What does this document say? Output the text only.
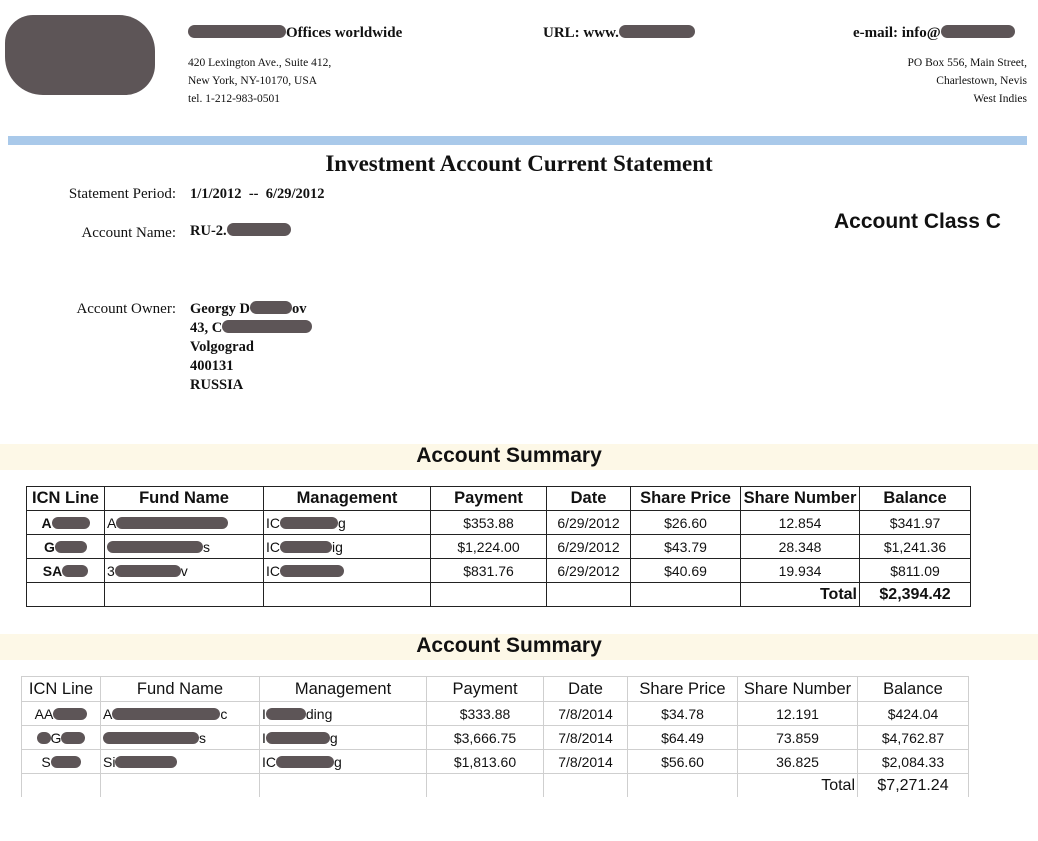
Offices worldwide	URL: www.	e-mail: info@
420 Lexington Ave., Suite 412,
New York, NY-10170, USA
tel. 1-212-983-0501
PO Box 556, Main Street,
Charlestown, Nevis
West Indies
Investment Account Current Statement
Statement Period: 1/1/2012 -- 6/29/2012
Account Name: RU-2.	Account Class C
Account Owner: Georgy D	ov
43, C
Volgograd
400131
RUSSIA
Account Summary
ICN Line	Fund Name	Management	Payment	Date	Share Price	Share Number	Balance
A	A	IC g	$353.88	6/29/2012	$26.60	12.854	$341.97
G	s	IC ig	$1,224.00	6/29/2012	$43.79	28.348	$1,241.36
SA	3 v	IC	$831.76	6/29/2012	$40.69	19.934	$811.09
						Total	$2,394.42
Account Summary
ICN Line	Fund Name	Management	Payment	Date	Share Price	Share Number	Balance
AA	A c	I ding	$333.88	7/8/2014	$34.78	12.191	$424.04
G	s	I g	$3,666.75	7/8/2014	$64.49	73.859	$4,762.87
S	Si	IC g	$1,813.60	7/8/2014	$56.60	36.825	$2,084.33
						Total	$7,271.24
